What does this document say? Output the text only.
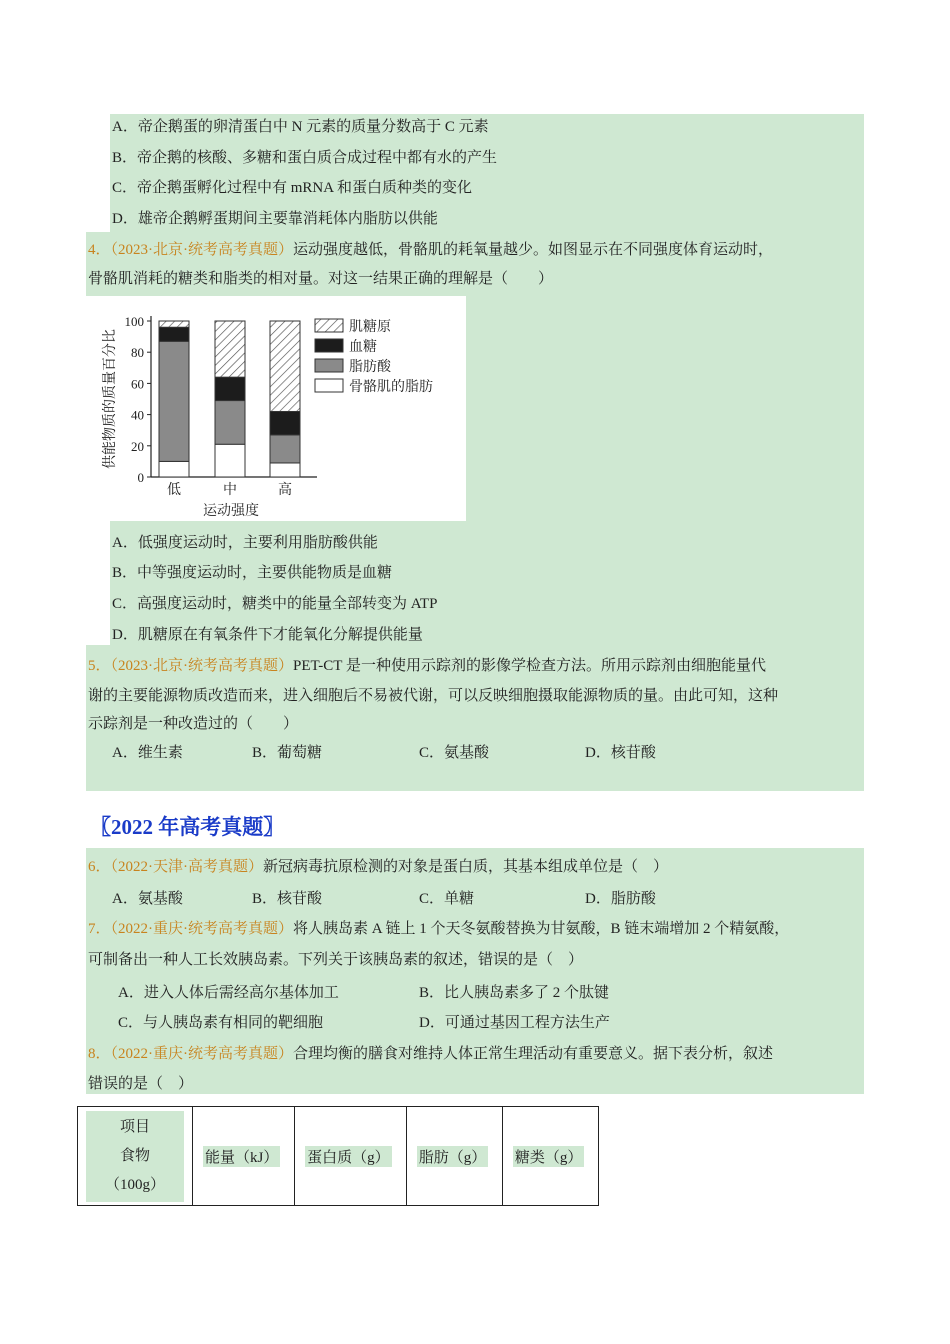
A．帝企鹅蛋的卵清蛋白中 N 元素的质量分数高于 C 元素
B．帝企鹅的核酸、多糖和蛋白质合成过程中都有水的产生
C．帝企鹅蛋孵化过程中有 mRNA 和蛋白质种类的变化
D．雄帝企鹅孵蛋期间主要靠消耗体内脂肪以供能
4．（2023·北京·统考高考真题）运动强度越低，骨骼肌的耗氧量越少。如图显示在不同强度体育运动时，
骨骼肌消耗的糖类和脂类的相对量。对这一结果正确的理解是（　　）
0
20
40
60
80
100
低	中	高
肌糖原
血糖
脂肪酸
骨骼肌的脂肪
供能物质的质量百分比
运动强度
A．低强度运动时，主要利用脂肪酸供能
B．中等强度运动时，主要供能物质是血糖
C．高强度运动时，糖类中的能量全部转变为 ATP
D．肌糖原在有氧条件下才能氧化分解提供能量
5．（2023·北京·统考高考真题）PET-CT 是一种使用示踪剂的影像学检查方法。所用示踪剂由细胞能量代
谢的主要能源物质改造而来，进入细胞后不易被代谢，可以反映细胞摄取能源物质的量。由此可知，这种
示踪剂是一种改造过的（　　）
A．维生素	B．葡萄糖	C．氨基酸	D．核苷酸
〖2022 年高考真题〗
6．（2022·天津·高考真题）新冠病毒抗原检测的对象是蛋白质，其基本组成单位是（　）
A．氨基酸	B．核苷酸	C．单糖	D．脂肪酸
7．（2022·重庆·统考高考真题）将人胰岛素 A 链上 1 个天冬氨酸替换为甘氨酸，B 链末端增加 2 个精氨酸，
可制备出一种人工长效胰岛素。下列关于该胰岛素的叙述，错误的是（　）
A．进入人体后需经高尔基体加工	B．比人胰岛素多了 2 个肽键
C．与人胰岛素有相同的靶细胞	D．可通过基因工程方法生产
8．（2022·重庆·统考高考真题）合理均衡的膳食对维持人体正常生理活动有重要意义。据下表分析，叙述
错误的是（　）
项目
食物
（100g）
	能量（kJ）	蛋白质（g）	脂肪（g）	糖类（g）
